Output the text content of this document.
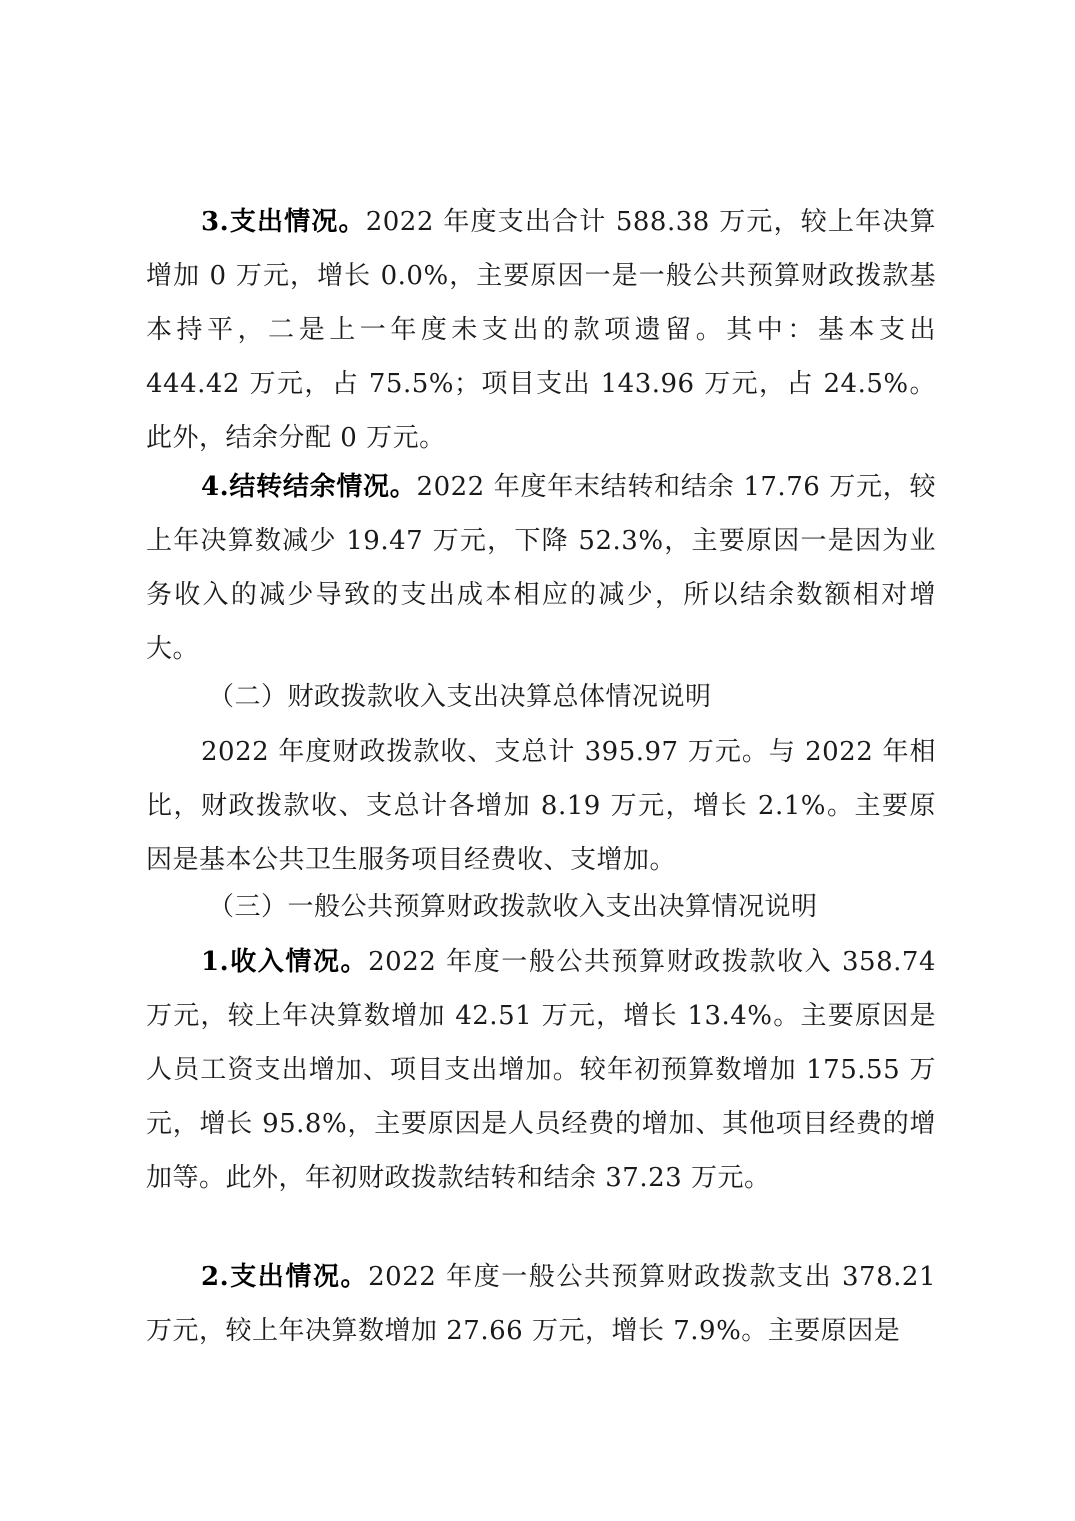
3.支出情况。2022 年度支出合计 588.38 万元，较上年决算增加 0 万元，增长 0.0%，主要原因一是一般公共预算财政拨款基本持平，二是上一年度未支出的款项遗留。其中：基本支出 444.42 万元，占 75.5%；项目支出 143.96 万元，占 24.5%。此外，结余分配 0 万元。

4.结转结余情况。2022 年度年末结转和结余 17.76 万元，较上年决算数减少 19.47 万元，下降 52.3%，主要原因一是因为业务收入的减少导致的支出成本相应的减少，所以结余数额相对增大。

（二）财政拨款收入支出决算总体情况说明

2022 年度财政拨款收、支总计 395.97 万元。与 2022 年相比，财政拨款收、支总计各增加 8.19 万元，增长 2.1%。主要原因是基本公共卫生服务项目经费收、支增加。

（三）一般公共预算财政拨款收入支出决算情况说明

1.收入情况。2022 年度一般公共预算财政拨款收入 358.74 万元，较上年决算数增加 42.51 万元，增长 13.4%。主要原因是人员工资支出增加、项目支出增加。较年初预算数增加 175.55 万元，增长 95.8%，主要原因是人员经费的增加、其他项目经费的增加等。此外，年初财政拨款结转和结余 37.23 万元。

2.支出情况。2022 年度一般公共预算财政拨款支出 378.21 万元，较上年决算数增加 27.66 万元，增长 7.9%。主要原因是
